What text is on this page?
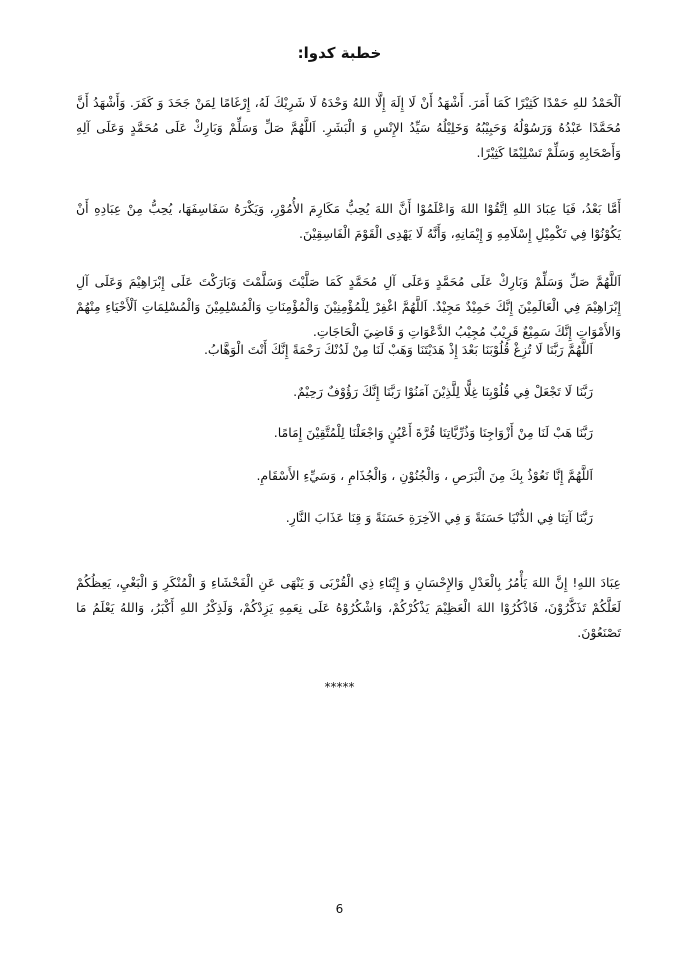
خطبة كدوا:

اَلْحَمْدُ للهِ حَمْدًا كَثِيْرًا كَمَا أَمَرَ. أَشْهَدُ أَنْ لَا إِلَهَ إِلَّا اللهُ وَحْدَهُ لَا شَرِيْكَ لَهُ، إِرْغَامًا لِمَنْ جَحَدَ وَ كَفَرَ. وَأَشْهَدُ أَنَّ مُحَمَّدًا عَبْدُهُ وَرَسُوْلُهُ وَحَبِيْبُهُ وَخَلِيْلُهُ سَيِّدُ الإِنْسِ وَ الْبَشَرِ. اَللَّهُمَّ صَلِّ وَسَلِّمْ وَبَارِكْ عَلَى مُحَمَّدٍ وَعَلَى آلِهِ وَأَصْحَابِهِ وَسَلِّمْ تَسْلِيْمًا كَثِيْرًا.

أَمَّا بَعْدُ، فَيَا عِبَادَ اللهِ اِتَّقُوْا اللهَ وَاعْلَمُوْا أَنَّ اللهَ يُحِبُّ مَكَارِمَ الأُمُوْرِ، وَيَكْرَهُ سَفَاسِفَهَا، يُحِبُّ مِنْ عِبَادِهِ أَنْ يَكُوْنُوْا فِي تَكْمِيْلِ إِسْلَامِهِ وَ إِيْمَانِهِ، وَأَنَّهُ لَا يَهْدِى الْقَوْمَ الْفَاسِقِيْنَ.

اَللَّهُمَّ صَلِّ وَسَلِّمْ وَبَارِكْ عَلَى مُحَمَّدٍ وَعَلَى آلِ مُحَمَّدٍ كَمَا صَلَّيْتَ وَسَلَّمْتَ وَبَارَكْتَ عَلَى إِبْرَاهِيْمَ وَعَلَى آلِ إِبْرَاهِيْمَ فِي الْعَالَمِيْنَ إِنَّكَ حَمِيْدٌ مَجِيْدٌ. اَللَّهُمَّ اغْفِرْ لِلْمُؤْمِنِيْنَ وَالْمُؤْمِنَاتِ وَالْمُسْلِمِيْنَ وَالْمُسْلِمَاتِ اَلْأَحْيَاءِ مِنْهُمْ وَالأَمْوَاتِ إِنَّكَ سَمِيْعٌ قَرِيْبٌ مُجِيْبُ الدَّعْوَاتِ وَ قَاضِيَ الْحَاجَاتِ.

اَللَّهُمَّ رَبَّنَا لَا تُزِغْ قُلُوْبَنَا بَعْدَ إِذْ هَدَيْتَنَا وَهَبْ لَنَا مِنْ لَدُنْكَ رَحْمَةً إِنَّكَ أَنْتَ الْوَهَّابُ.

رَبَّنَا لَا تَجْعَلْ فِي قُلُوْبِنَا غِلًّا لِلَّذِيْنَ آمَنُوْا رَبَّنَا إِنَّكَ رَؤُوْفٌ رَحِيْمٌ.

رَبَّنَا هَبْ لَنَا مِنْ أَزْوَاجِنَا وَذُرِّيَّاتِنَا قُرَّةَ أَعْيُنٍ وَاجْعَلْنَا لِلْمُتَّقِيْنَ إِمَامًا.

اَللَّهُمَّ إِنَّا نَعُوْذُ بِكَ مِنَ الْبَرَصِ ، وَالْجُنُوْنِ ، وَالْجُذَامِ ، وَسَيِّءِ الأَسْقَامِ.

رَبَّنَا آتِنَا فِي الدُّنْيَا حَسَنَةً وَ فِي الآخِرَةِ حَسَنَةً وَ قِنَا عَذَابَ النَّارِ.

عِبَادَ اللهِ! إِنَّ اللهَ يَأْمُرُ بِالْعَدْلِ وَالإِحْسَانِ وَ إِيْتَاءِ ذِي الْقُرْبَى وَ يَنْهَى عَنِ الْفَحْشَاءِ وَ الْمُنْكَرِ وَ الْبَغْيِ، يَعِظُكُمْ لَعَلَّكُمْ تَذَكَّرُوْنَ، فَاذْكُرُوْا اللهَ الْعَظِيْمَ يَذْكُرْكُمْ، وَاشْكُرُوْهُ عَلَى نِعَمِهِ يَزِدْكُمْ، وَلَذِكْرُ اللهِ أَكْبَرُ، وَاللهُ يَعْلَمُ مَا تَصْنَعُوْنَ.

*****
6
